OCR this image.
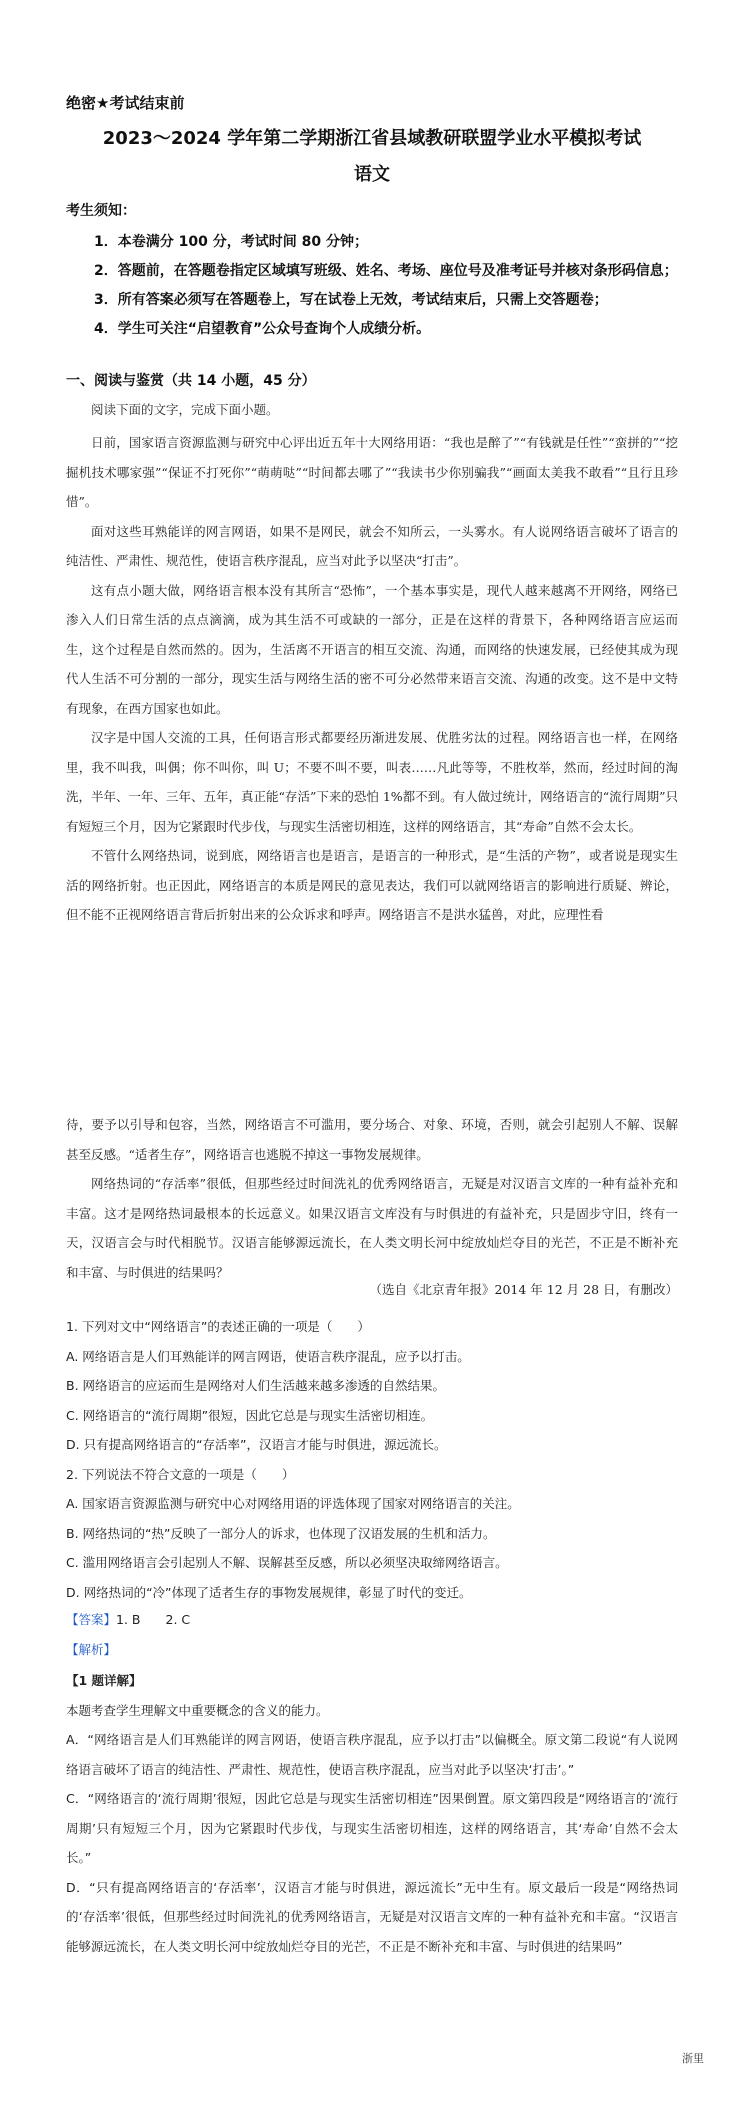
绝密★考试结束前
2023～2024 学年第二学期浙江省县域教研联盟学业水平模拟考试
语文
考生须知：

1．本卷满分 100 分，考试时间 80 分钟；

2．答题前，在答题卷指定区域填写班级、姓名、考场、座位号及准考证号并核对条形码信息；

3．所有答案必须写在答题卷上，写在试卷上无效，考试结束后，只需上交答题卷；

4．学生可关注“启望教育”公众号查询个人成绩分析。

一、阅读与鉴赏（共 14 小题，45 分）
阅读下面的文字，完成下面小题。

日前，国家语言资源监测与研究中心评出近五年十大网络用语：“我也是醉了”“有钱就是任性”“蛮拼的”“挖掘机技术哪家强”“保证不打死你”“萌萌哒”“时间都去哪了”“我读书少你别骗我”“画面太美我不敢看”“且行且珍惜”。

面对这些耳熟能详的网言网语，如果不是网民，就会不知所云，一头雾水。有人说网络语言破坏了语言的纯洁性、严肃性、规范性，使语言秩序混乱，应当对此予以坚决“打击”。

这有点小题大做，网络语言根本没有其所言“恐怖”，一个基本事实是，现代人越来越离不开网络，网络已渗入人们日常生活的点点滴滴，成为其生活不可或缺的一部分，正是在这样的背景下，各种网络语言应运而生，这个过程是自然而然的。因为，生活离不开语言的相互交流、沟通，而网络的快速发展，已经使其成为现代人生活不可分割的一部分，现实生活与网络生活的密不可分必然带来语言交流、沟通的改变。这不是中文特有现象，在西方国家也如此。

汉字是中国人交流的工具，任何语言形式都要经历渐进发展、优胜劣汰的过程。网络语言也一样，在网络里，我不叫我，叫偶；你不叫你，叫 U；不要不叫不要，叫表……凡此等等，不胜枚举，然而，经过时间的淘洗，半年、一年、三年、五年，真正能“存活”下来的恐怕 1%都不到。有人做过统计，网络语言的“流行周期”只有短短三个月，因为它紧跟时代步伐，与现实生活密切相连，这样的网络语言，其“寿命”自然不会太长。

不管什么网络热词，说到底，网络语言也是语言，是语言的一种形式，是“生活的产物”，或者说是现实生活的网络折射。也正因此，网络语言的本质是网民的意见表达，我们可以就网络语言的影响进行质疑、辨论，但不能不正视网络语言背后折射出来的公众诉求和呼声。网络语言不是洪水猛兽，对此，应理性看

待，要予以引导和包容，当然，网络语言不可滥用，要分场合、对象、环境，否则，就会引起别人不解、误解甚至反感。“适者生存”，网络语言也逃脱不掉这一事物发展规律。

网络热词的“存活率”很低，但那些经过时间洗礼的优秀网络语言，无疑是对汉语言文库的一种有益补充和丰富。这才是网络热词最根本的长远意义。如果汉语言文库没有与时俱进的有益补充，只是固步守旧，终有一天，汉语言会与时代相脱节。汉语言能够源远流长，在人类文明长河中绽放灿烂夺目的光芒，不正是不断补充和丰富、与时俱进的结果吗？

（选自《北京青年报》2014 年 12 月 28 日，有删改）

1. 下列对文中“网络语言”的表述正确的一项是（　　）

A. 网络语言是人们耳熟能详的网言网语，使语言秩序混乱，应予以打击。

B. 网络语言的应运而生是网络对人们生活越来越多渗透的自然结果。

C. 网络语言的“流行周期”很短，因此它总是与现实生活密切相连。

D. 只有提高网络语言的“存活率”，汉语言才能与时俱进，源远流长。

2. 下列说法不符合文意的一项是（　　）

A. 国家语言资源监测与研究中心对网络用语的评选体现了国家对网络语言的关注。

B. 网络热词的“热”反映了一部分人的诉求，也体现了汉语发展的生机和活力。

C. 滥用网络语言会引起别人不解、误解甚至反感，所以必须坚决取缔网络语言。

D. 网络热词的“冷”体现了适者生存的事物发展规律，彰显了时代的变迁。

【答案】1. B　　2. C
【解析】

【1 题详解】

本题考查学生理解文中重要概念的含义的能力。

A．“网络语言是人们耳熟能详的网言网语，使语言秩序混乱，应予以打击”以偏概全。原文第二段说“有人说网络语言破坏了语言的纯洁性、严肃性、规范性，使语言秩序混乱，应当对此予以坚决‘打击’。”

C．“网络语言的‘流行周期’很短，因此它总是与现实生活密切相连”因果倒置。原文第四段是“网络语言的‘流行周期’只有短短三个月，因为它紧跟时代步伐，与现实生活密切相连，这样的网络语言，其‘寿命’自然不会太长。”

D．“只有提高网络语言的‘存活率’，汉语言才能与时俱进，源远流长”无中生有。原文最后一段是“网络热词的‘存活率’很低，但那些经过时间洗礼的优秀网络语言，无疑是对汉语言文库的一种有益补充和丰富。“汉语言能够源远流长，在人类文明长河中绽放灿烂夺目的光芒，不正是不断补充和丰富、与时俱进的结果吗”

浙里
